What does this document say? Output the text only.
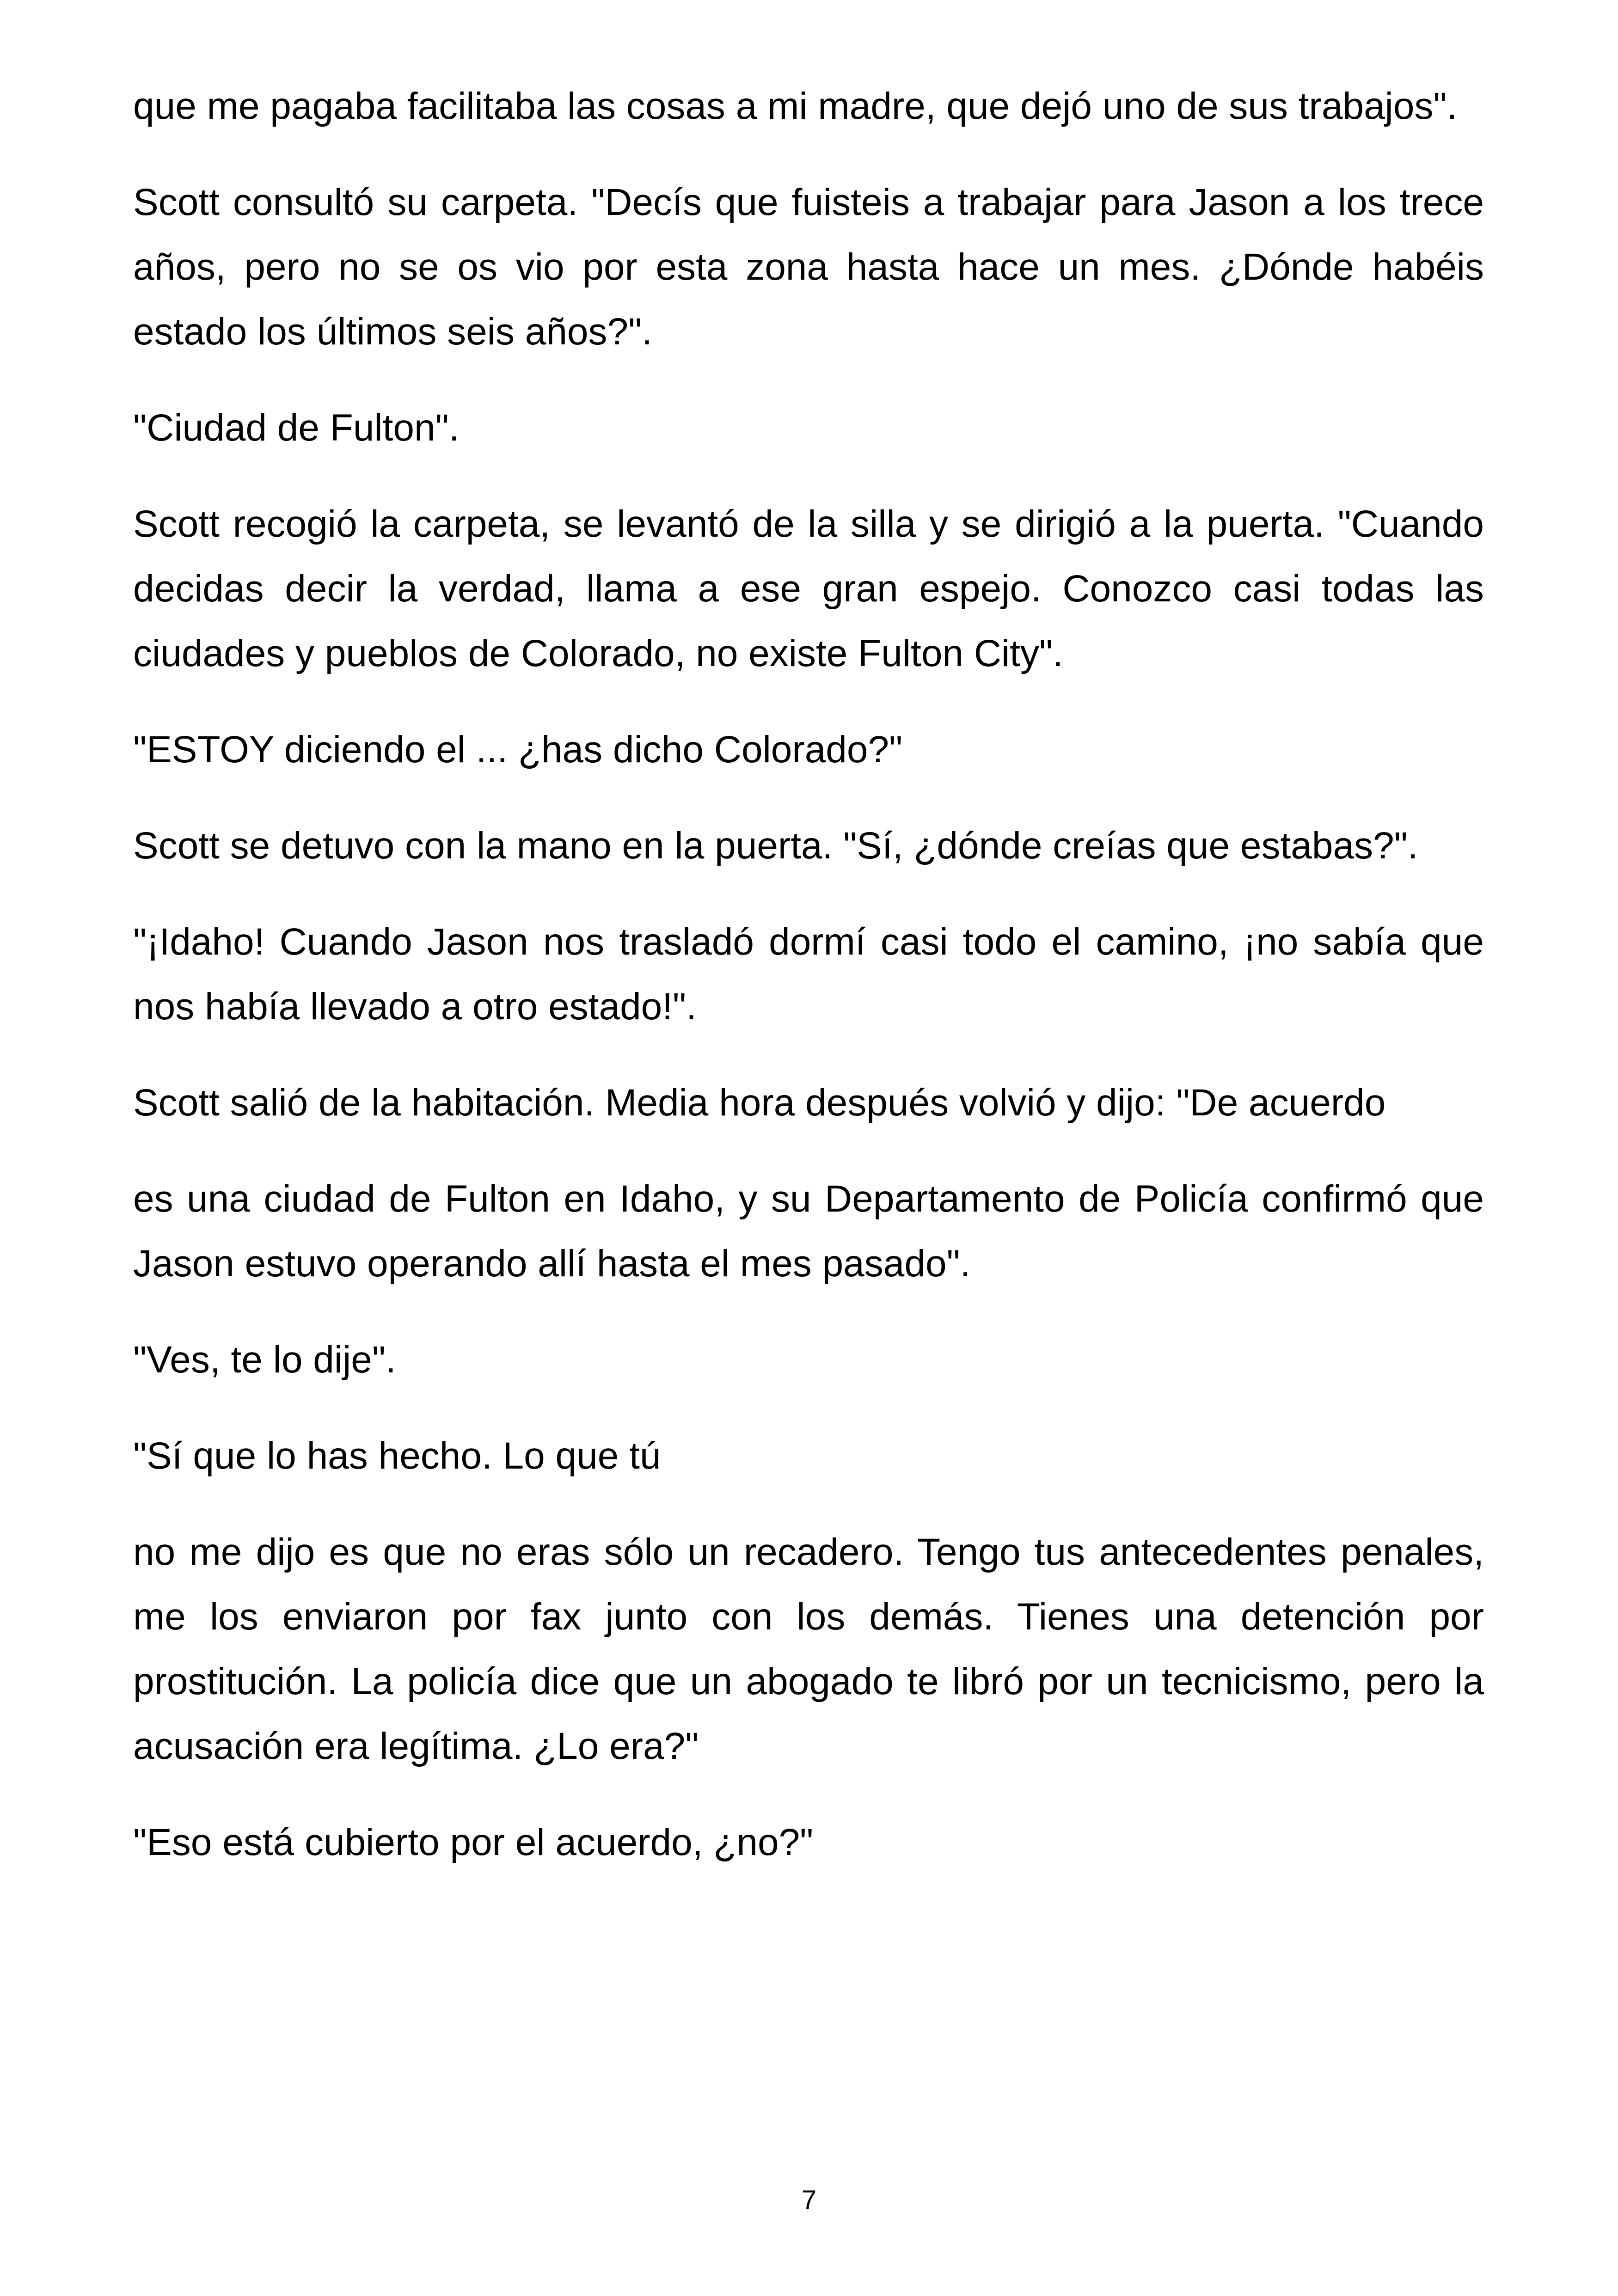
que me pagaba facilitaba las cosas a mi madre, que dejó uno de sus trabajos".

Scott consultó su carpeta. "Decís que fuisteis a trabajar para Jason a los trece años, pero no se os vio por esta zona hasta hace un mes. ¿Dónde habéis estado los últimos seis años?".

"Ciudad de Fulton".

Scott recogió la carpeta, se levantó de la silla y se dirigió a la puerta. "Cuando decidas decir la verdad, llama a ese gran espejo. Conozco casi todas las ciudades y pueblos de Colorado, no existe Fulton City".

"ESTOY diciendo el ... ¿has dicho Colorado?"

Scott se detuvo con la mano en la puerta. "Sí, ¿dónde creías que estabas?".

"¡Idaho! Cuando Jason nos trasladó dormí casi todo el camino, ¡no sabía que nos había llevado a otro estado!".

Scott salió de la habitación. Media hora después volvió y dijo: "De acuerdo

es una ciudad de Fulton en Idaho, y su Departamento de Policía confirmó que Jason estuvo operando allí hasta el mes pasado".

"Ves, te lo dije".

"Sí que lo has hecho. Lo que tú

no me dijo es que no eras sólo un recadero. Tengo tus antecedentes penales, me los enviaron por fax junto con los demás. Tienes una detención por prostitución. La policía dice que un abogado te libró por un tecnicismo, pero la acusación era legítima. ¿Lo era?"

"Eso está cubierto por el acuerdo, ¿no?"

7
